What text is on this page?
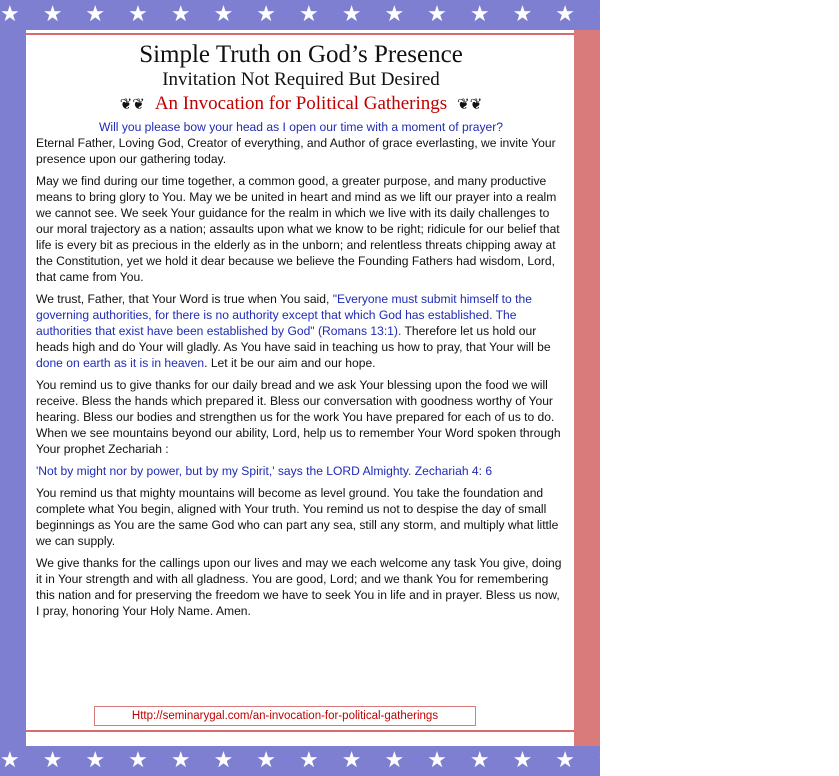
★ ★ ★ ★ ★ ★ ★ ★ ★ ★ ★ ★ ★ ★ ★ ★ ★ ★ ★ ★
★ ★ ★ ★ ★ ★ ★ ★ ★ ★ ★ ★ ★ ★ ★ ★ ★ ★ ★ ★
Simple Truth on God’s Presence
Invitation Not Required But Desired
❦❦ An Invocation for Political Gatherings ❦❦

Will you please bow your head as I open our time with a moment of prayer?

Eternal Father, Loving God, Creator of everything, and Author of grace everlasting, we invite Your presence upon our gathering today.

May we find during our time together, a common good, a greater purpose, and many productive means to bring glory to You. May we be united in heart and mind as we lift our prayer into a realm we cannot see. We seek Your guidance for the realm in which we live with its daily challenges to our moral trajectory as a nation; assaults upon what we know to be right; ridicule for our belief that life is every bit as precious in the elderly as in the unborn; and relentless threats chipping away at the Constitution, yet we hold it dear because we believe the Founding Fathers had wisdom, Lord, that came from You.

We trust, Father, that Your Word is true when You said, "Everyone must submit himself to the governing authorities, for there is no authority except that which God has established. The authorities that exist have been established by God" (Romans 13:1). Therefore let us hold our heads high and do Your will gladly. As You have said in teaching us how to pray, that Your will be done on earth as it is in heaven. Let it be our aim and our hope.

You remind us to give thanks for our daily bread and we ask Your blessing upon the food we will receive. Bless the hands which prepared it. Bless our conversation with goodness worthy of Your hearing. Bless our bodies and strengthen us for the work You have prepared for each of us to do. When we see mountains beyond our ability, Lord, help us to remember Your Word spoken through Your prophet Zechariah :

'Not by might nor by power, but by my Spirit,' says the LORD Almighty. Zechariah 4: 6

You remind us that mighty mountains will become as level ground. You take the foundation and complete what You begin, aligned with Your truth. You remind us not to despise the day of small beginnings as You are the same God who can part any sea, still any storm, and multiply what little we can supply.

We give thanks for the callings upon our lives and may we each welcome any task You give, doing it in Your strength and with all gladness. You are good, Lord; and we thank You for remembering this nation and for preserving the freedom we have to seek You in life and in prayer. Bless us now, I pray, honoring Your Holy Name. Amen.

Http://seminarygal.com/an-invocation-for-political-gatherings
